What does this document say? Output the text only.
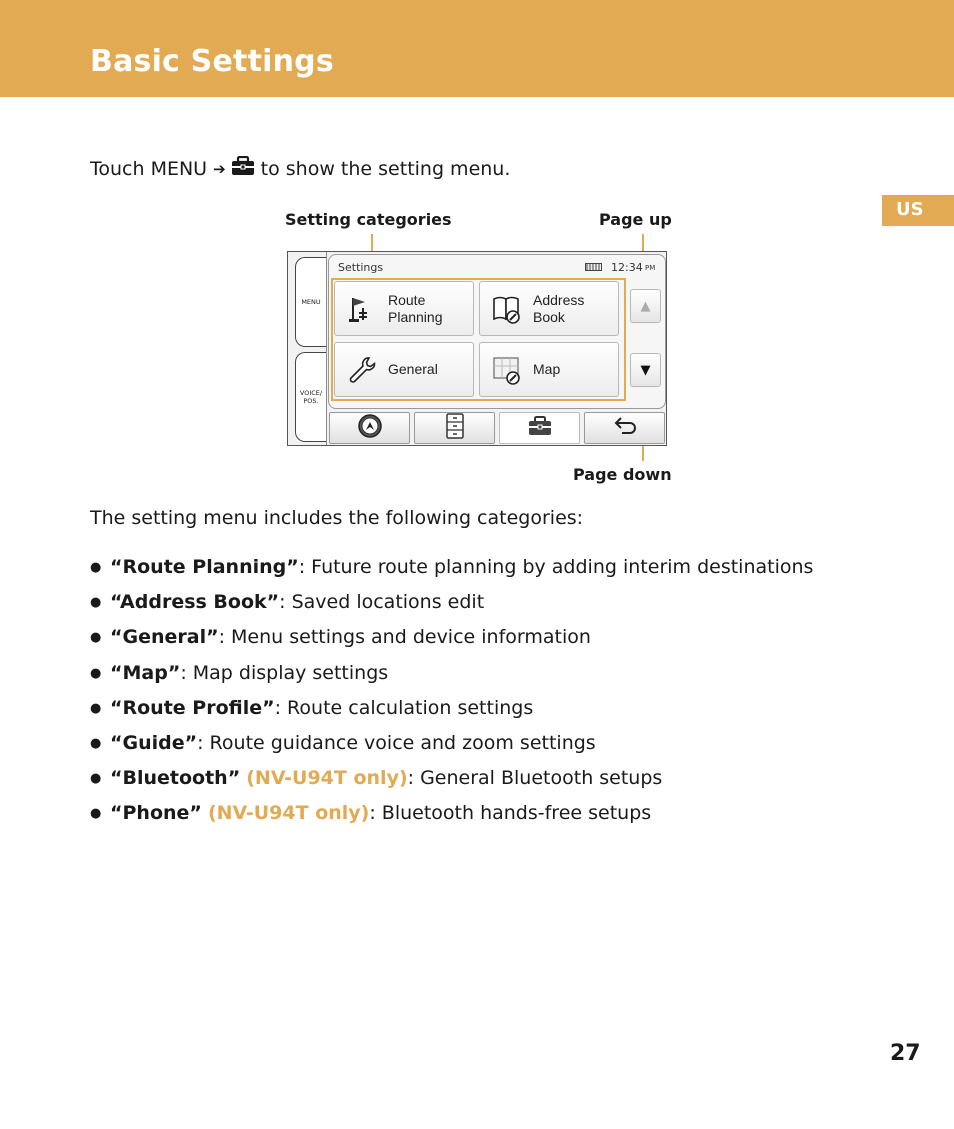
Basic Settings
US
Touch MENU ➔ to show the setting menu.
Setting categories	Page up
Page down
MENU
VOICE/
POS.
Settings	12:34 PM
Route
Planning
Address
Book
General	Map
▲
▼
The setting menu includes the following categories:
● “Route Planning”: Future route planning by adding interim destinations
● “Address Book”: Saved locations edit
● “General”: Menu settings and device information
● “Map”: Map display settings
● “Route Profile”: Route calculation settings
● “Guide”: Route guidance voice and zoom settings
● “Bluetooth” (NV-U94T only): General Bluetooth setups
● “Phone” (NV-U94T only): Bluetooth hands-free setups
27
